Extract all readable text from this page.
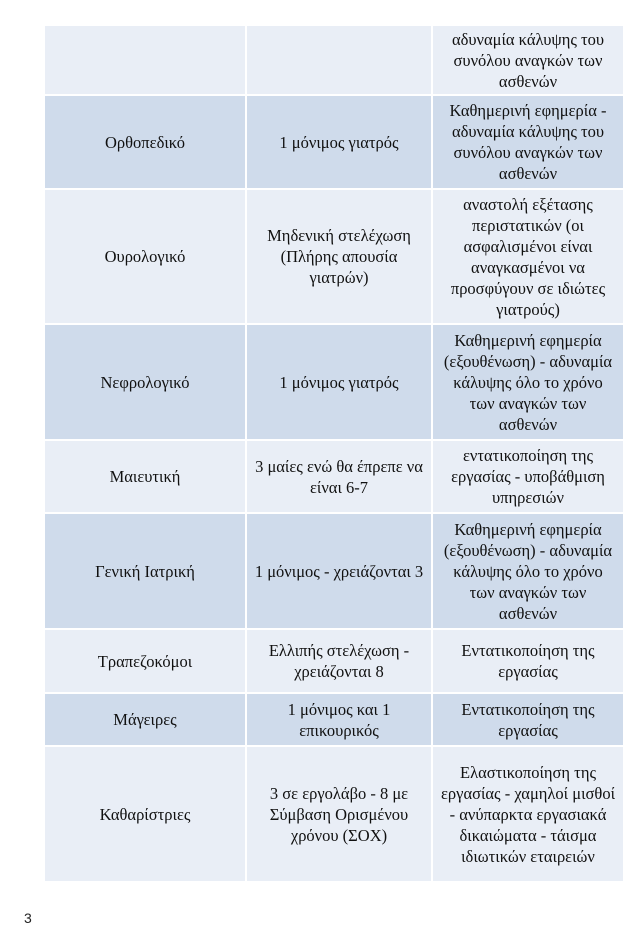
		αδυναμία κάλυψης του συνόλου αναγκών των ασθενών
Ορθοπεδικό	1 μόνιμος γιατρός	Καθημερινή εφημερία - αδυναμία κάλυψης του συνόλου αναγκών των ασθενών
Ουρολογικό	Μηδενική στελέχωση (Πλήρης απουσία γιατρών)	αναστολή εξέτασης περιστατικών (οι ασφαλισμένοι είναι αναγκασμένοι να προσφύγουν σε ιδιώτες γιατρούς)
Νεφρολογικό	1 μόνιμος γιατρός	Καθημερινή εφημερία (εξουθένωση) - αδυναμία κάλυψης όλο το χρόνο των αναγκών των ασθενών
Μαιευτική	3 μαίες ενώ θα έπρεπε να είναι 6-7	εντατικοποίηση της εργασίας - υποβάθμιση υπηρεσιών
Γενική Ιατρική	1 μόνιμος - χρειάζονται 3	Καθημερινή εφημερία (εξουθένωση) - αδυναμία κάλυψης όλο το χρόνο των αναγκών των ασθενών
Τραπεζοκόμοι	Ελλιπής στελέχωση - χρειάζονται 8	Εντατικοποίηση της εργασίας
Μάγειρες	1 μόνιμος και 1 επικουρικός	Εντατικοποίηση της εργασίας
Καθαρίστριες	3 σε εργολάβο - 8 με Σύμβαση Ορισμένου χρόνου (ΣΟΧ)	Ελαστικοποίηση της εργασίας - χαμηλοί μισθοί - ανύπαρκτα εργασιακά δικαιώματα - τάισμα ιδιωτικών εταιρειών
3
